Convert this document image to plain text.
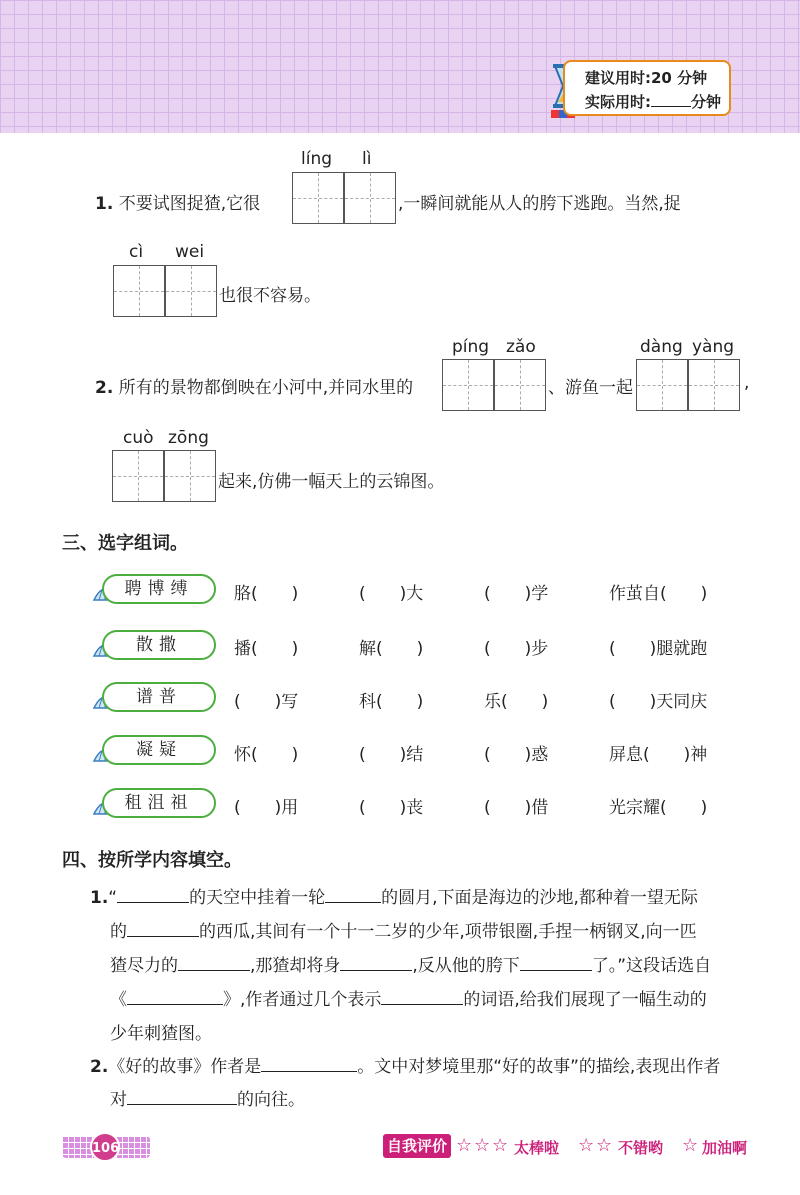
建议用时:20 分钟
实际用时:	分钟
líng lì
1. 不要试图捉猹,它很	,一瞬间就能从人的胯下逃跑。当然,捉
cì wei
也很不容易。
píng zǎo	dàng yàng
2. 所有的景物都倒映在小河中,并同水里的	、游鱼一起	,
cuò zōng
起来,仿佛一幅天上的云锦图。
三、选字组词。
聘博缚	胳(　　)	(　　)大	(　　)学	作茧自(　　)
散撒	播(　　)	解(　　)	(　　)步	(　　)腿就跑
谱普	(　　)写	科(　　)	乐(　　)	(　　)天同庆
凝疑	怀(　　)	(　　)结	(　　)惑	屏息(　　)神
租沮祖	(　　)用	(　　)丧	(　　)借	光宗耀(　　)
四、按所学内容填空。
1.“	的天空中挂着一轮	的圆月,下面是海边的沙地,都种着一望无际
的	的西瓜,其间有一个十一二岁的少年,项带银圈,手捏一柄钢叉,向一匹
猹尽力的	,那猹却将身	,反从他的胯下	了。”这段话选自
《	》,作者通过几个表示	的词语,给我们展现了一幅生动的
少年刺猹图。
2.《好的故事》作者是	。文中对梦境里那“好的故事”的描绘,表现出作者
对	的向往。
106	自我评价 ☆ ☆ ☆ 太棒啦 ☆ ☆ 不错哟 ☆ 加油啊
